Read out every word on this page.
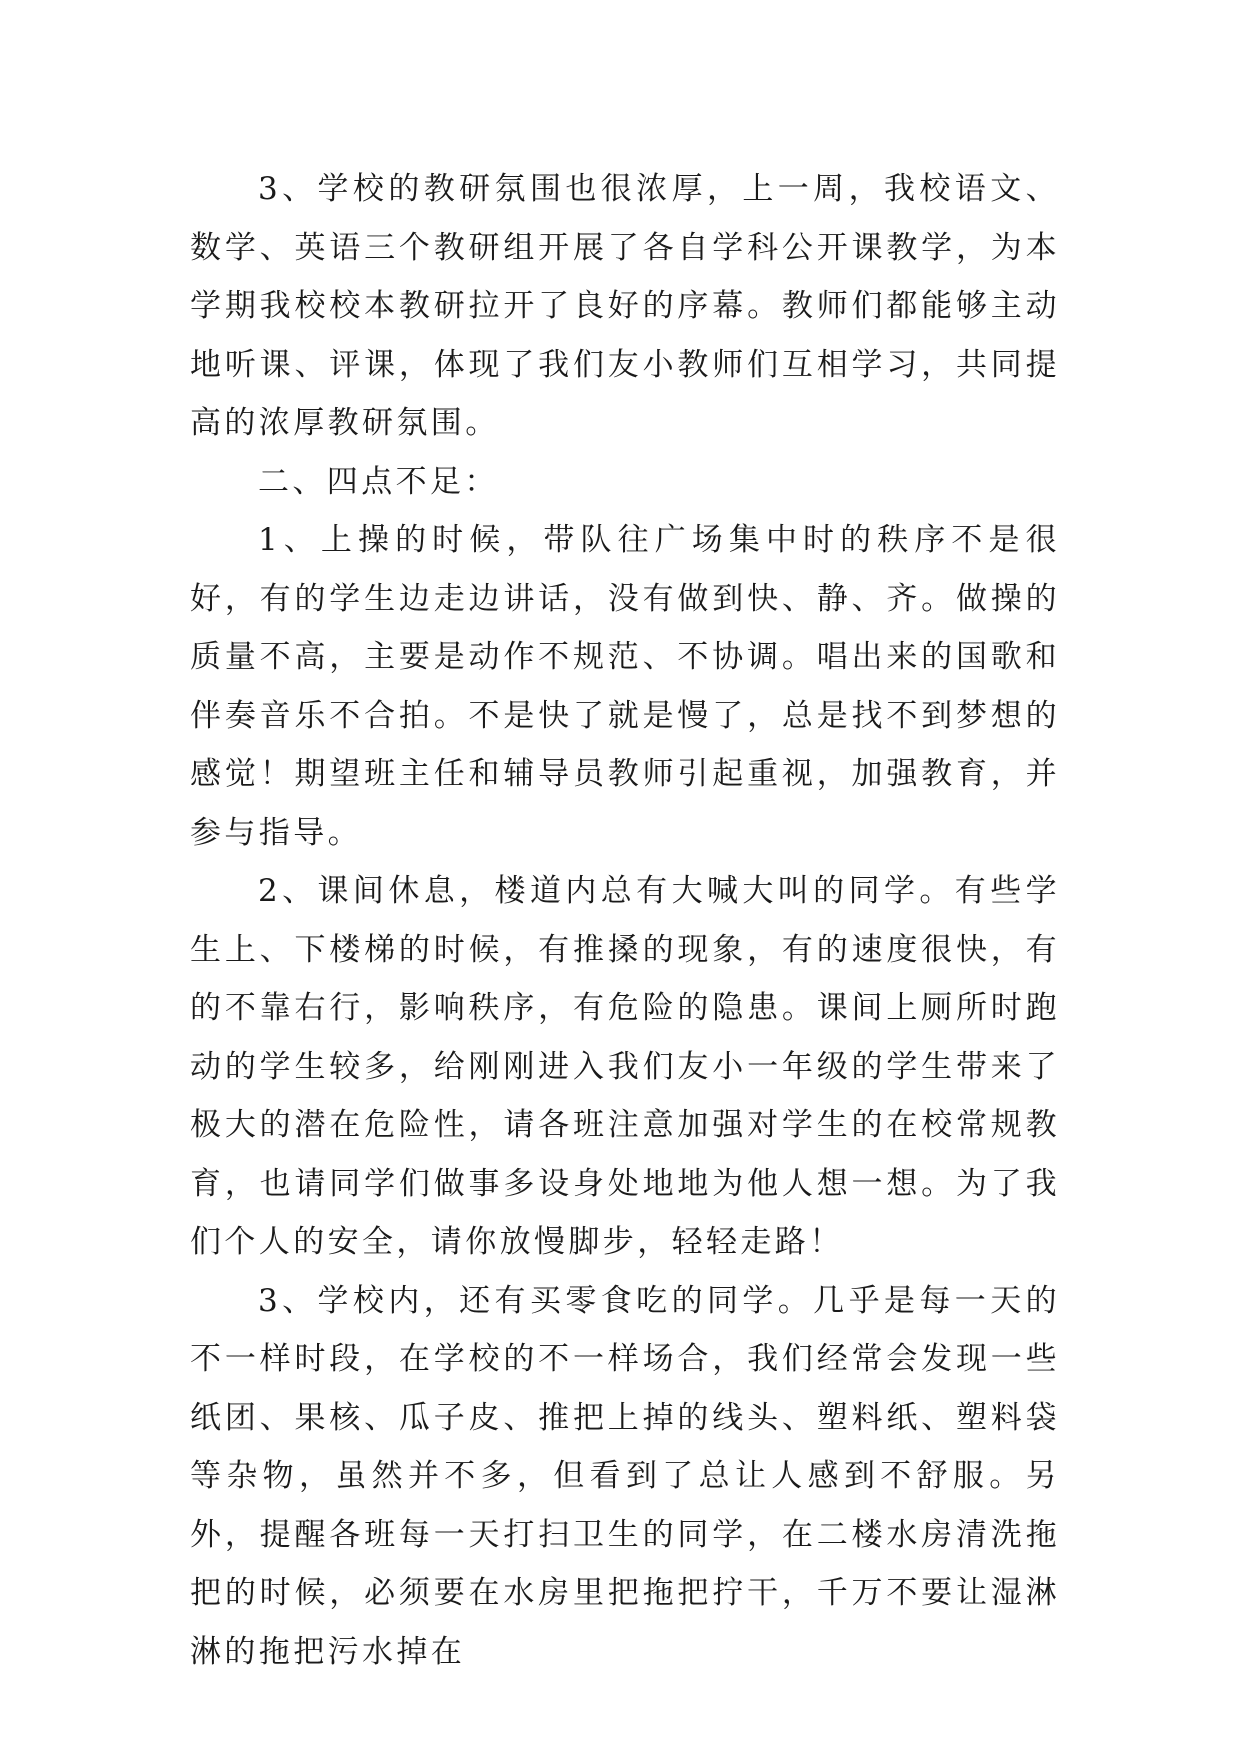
3、学校的教研氛围也很浓厚，上一周，我校语文、数学、英语三个教研组开展了各自学科公开课教学，为本学期我校校本教研拉开了良好的序幕。教师们都能够主动地听课、评课，体现了我们友小教师们互相学习，共同提高的浓厚教研氛围。

二、四点不足：

1、上操的时候，带队往广场集中时的秩序不是很好，有的学生边走边讲话，没有做到快、静、齐。做操的质量不高，主要是动作不规范、不协调。唱出来的国歌和伴奏音乐不合拍。不是快了就是慢了，总是找不到梦想的感觉！期望班主任和辅导员教师引起重视，加强教育，并参与指导。

2、课间休息，楼道内总有大喊大叫的同学。有些学生上、下楼梯的时候，有推搡的现象，有的速度很快，有的不靠右行，影响秩序，有危险的隐患。课间上厕所时跑动的学生较多，给刚刚进入我们友小一年级的学生带来了极大的潜在危险性，请各班注意加强对学生的在校常规教育，也请同学们做事多设身处地地为他人想一想。为了我们个人的安全，请你放慢脚步，轻轻走路！

3、学校内，还有买零食吃的同学。几乎是每一天的不一样时段，在学校的不一样场合，我们经常会发现一些纸团、果核、瓜子皮、推把上掉的线头、塑料纸、塑料袋等杂物，虽然并不多，但看到了总让人感到不舒服。另外，提醒各班每一天打扫卫生的同学，在二楼水房清洗拖把的时候，必须要在水房里把拖把拧干，千万不要让湿淋淋的拖把污水掉在
